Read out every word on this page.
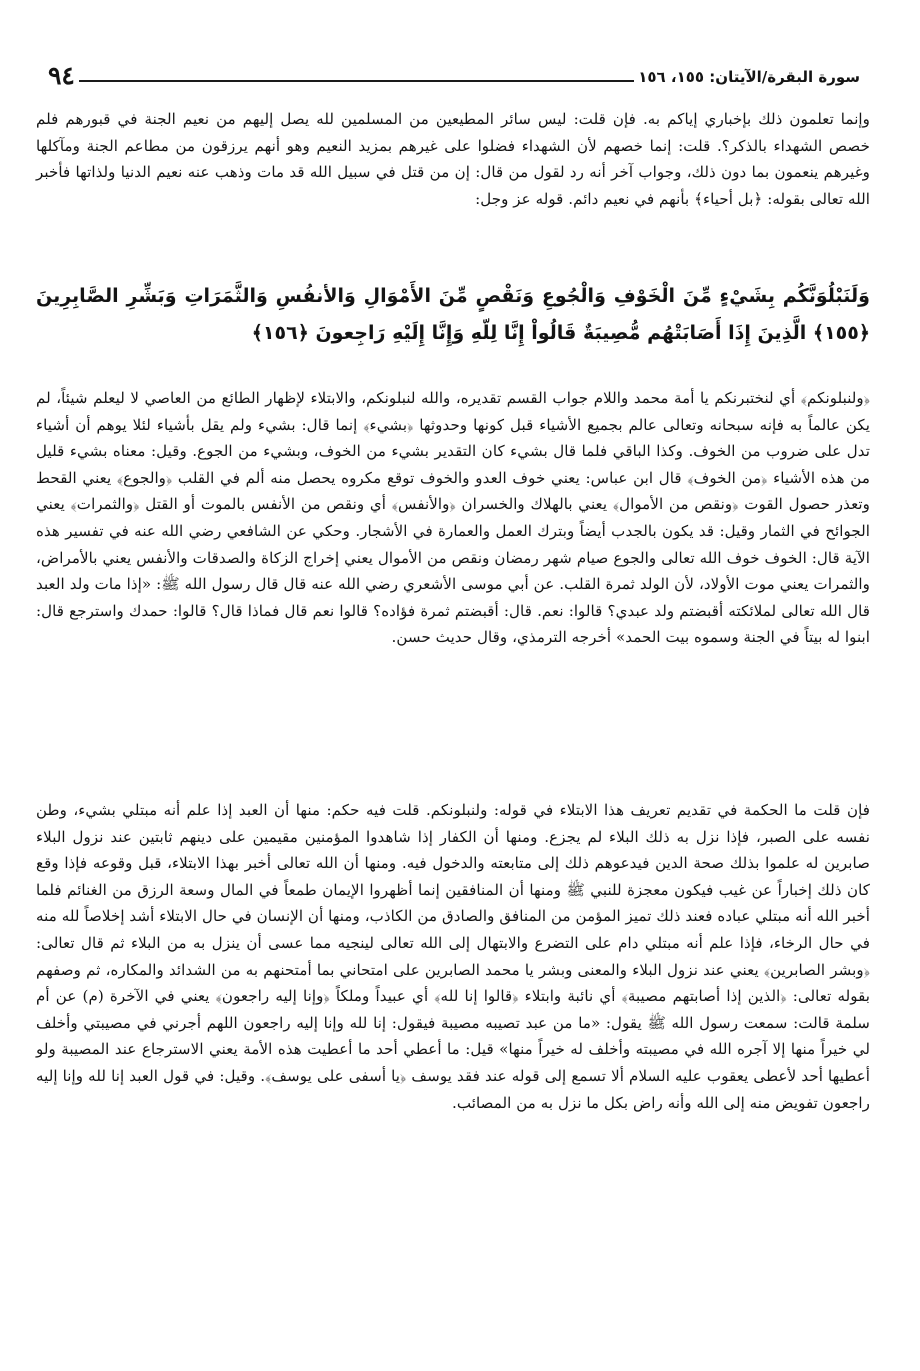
سورة البقرة/الآيتان: ١٥٥، ١٥٦
٩٤
وإنما تعلمون ذلك بإخباري إياكم به. فإن قلت: ليس سائر المطيعين من المسلمين لله يصل إليهم من نعيم الجنة في قبورهم فلم خصص الشهداء بالذكر؟. قلت: إنما خصهم لأن الشهداء فضلوا على غيرهم بمزيد النعيم وهو أنهم يرزقون من مطاعم الجنة ومآكلها وغيرهم ينعمون بما دون ذلك، وجواب آخر أنه رد لقول من قال: إن من قتل في سبيل الله قد مات وذهب عنه نعيم الدنيا ولذاتها فأخبر الله تعالى بقوله: ﴿بل أحياء﴾ بأنهم في نعيم دائم. قوله عز وجل:
وَلَنَبْلُوَنَّكُم بِشَيْءٍ مِّنَ الْخَوْفِ وَالْجُوعِ وَنَقْصٍ مِّنَ الأَمْوَالِ وَالأنفُسِ وَالثَّمَرَاتِ وَبَشِّرِ الصَّابِرِينَ ﴿١٥٥﴾ الَّذِينَ إِذَا أَصَابَتْهُم مُّصِيبَةٌ قَالُواْ إِنَّا لِلّهِ وَإِنَّا إِلَيْهِ رَاجِعونَ ﴿١٥٦﴾
﴿ولنبلونكم﴾ أي لنختبرنكم يا أمة محمد واللام جواب القسم تقديره، والله لنبلونكم، والابتلاء لإظهار الطائع من العاصي لا ليعلم شيئاً، لم يكن عالماً به فإنه سبحانه وتعالى عالم بجميع الأشياء قبل كونها وحدوثها ﴿بشيء﴾ إنما قال: بشيء ولم يقل بأشياء لئلا يوهم أن أشياء تدل على ضروب من الخوف. وكذا الباقي فلما قال بشيء كان التقدير بشيء من الخوف، وبشيء من الجوع. وقيل: معناه بشيء قليل من هذه الأشياء ﴿من الخوف﴾ قال ابن عباس: يعني خوف العدو والخوف توقع مكروه يحصل منه ألم في القلب ﴿والجوع﴾ يعني القحط وتعذر حصول القوت ﴿ونقص من الأموال﴾ يعني بالهلاك والخسران ﴿والأنفس﴾ أي ونقص من الأنفس بالموت أو القتل ﴿والثمرات﴾ يعني الجوائح في الثمار وقيل: قد يكون بالجدب أيضاً وبترك العمل والعمارة في الأشجار. وحكي عن الشافعي رضي الله عنه في تفسير هذه الآية قال: الخوف خوف الله تعالى والجوع صيام شهر رمضان ونقص من الأموال يعني إخراج الزكاة والصدقات والأنفس يعني بالأمراض، والثمرات يعني موت الأولاد، لأن الولد ثمرة القلب. عن أبي موسى الأشعري رضي الله عنه قال قال رسول الله ﷺ: «إذا مات ولد العبد قال الله تعالى لملائكته أقبضتم ولد عبدي؟ قالوا: نعم. قال: أقبضتم ثمرة فؤاده؟ قالوا نعم قال فماذا قال؟ قالوا: حمدك واسترجع قال: ابنوا له بيتاً في الجنة وسموه بيت الحمد» أخرجه الترمذي، وقال حديث حسن.
فإن قلت ما الحكمة في تقديم تعريف هذا الابتلاء في قوله: ولنبلونكم. قلت فيه حكم: منها أن العبد إذا علم أنه مبتلي بشيء، وطن نفسه على الصبر، فإذا نزل به ذلك البلاء لم يجزع. ومنها أن الكفار إذا شاهدوا المؤمنين مقيمين على دينهم ثابتين عند نزول البلاء صابرين له علموا بذلك صحة الدين فيدعوهم ذلك إلى متابعته والدخول فيه. ومنها أن الله تعالى أخبر بهذا الابتلاء، قبل وقوعه فإذا وقع كان ذلك إخباراً عن غيب فيكون معجزة للنبي ﷺ ومنها أن المنافقين إنما أظهروا الإيمان طمعاً في المال وسعة الرزق من الغنائم فلما أخبر الله أنه مبتلي عباده فعند ذلك تميز المؤمن من المنافق والصادق من الكاذب، ومنها أن الإنسان في حال الابتلاء أشد إخلاصاً لله منه في حال الرخاء، فإذا علم أنه مبتلي دام على التضرع والابتهال إلى الله تعالى لينجيه مما عسى أن ينزل به من البلاء ثم قال تعالى: ﴿وبشر الصابرين﴾ يعني عند نزول البلاء والمعنى وبشر يا محمد الصابرين على امتحاني بما أمتحنهم به من الشدائد والمكاره، ثم وصفهم بقوله تعالى: ﴿الذين إذا أصابتهم مصيبة﴾ أي نائبة وابتلاء ﴿قالوا إنا لله﴾ أي عبيداً وملكاً ﴿وإنا إليه راجعون﴾ يعني في الآخرة (م) عن أم سلمة قالت: سمعت رسول الله ﷺ يقول: «ما من عبد تصيبه مصيبة فيقول: إنا لله وإنا إليه راجعون اللهم أجرني في مصيبتي وأخلف لي خيراً منها إلا آجره الله في مصيبته وأخلف له خيراً منها» قيل: ما أعطي أحد ما أعطيت هذه الأمة يعني الاسترجاع عند المصيبة ولو أعطيها أحد لأعطى يعقوب عليه السلام ألا تسمع إلى قوله عند فقد يوسف ﴿يا أسفى على يوسف﴾. وقيل: في قول العبد إنا لله وإنا إليه راجعون تفويض منه إلى الله وأنه راض بكل ما نزل به من المصائب.
